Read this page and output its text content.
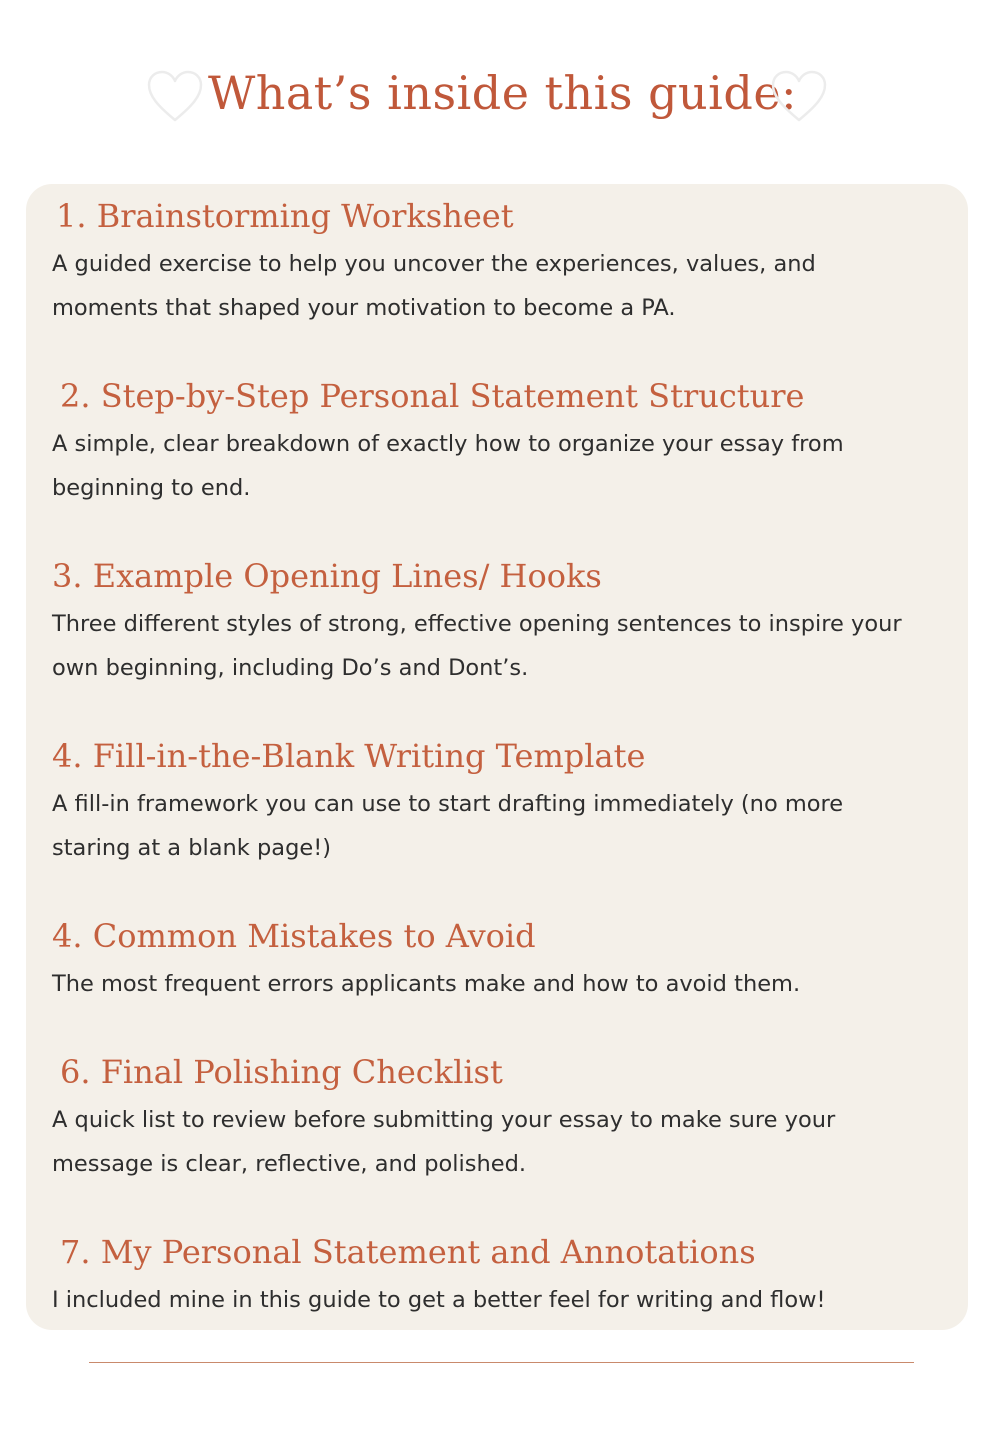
What’s inside this guide:
1. Brainstorming Worksheet

A guided exercise to help you uncover the experiences, values, and moments that shaped your motivation to become a PA.

2. Step-by-Step Personal Statement Structure

A simple, clear breakdown of exactly how to organize your essay from beginning to end.

3. Example Opening Lines/ Hooks

Three different styles of strong, effective opening sentences to inspire your own beginning, including Do’s and Dont’s.

4. Fill-in-the-Blank Writing Template

A fill-in framework you can use to start drafting immediately (no more staring at a blank page!)

4. Common Mistakes to Avoid

The most frequent errors applicants make and how to avoid them.

6. Final Polishing Checklist

A quick list to review before submitting your essay to make sure your message is clear, reflective, and polished.

7. My Personal Statement and Annotations

I included mine in this guide to get a better feel for writing and flow!
